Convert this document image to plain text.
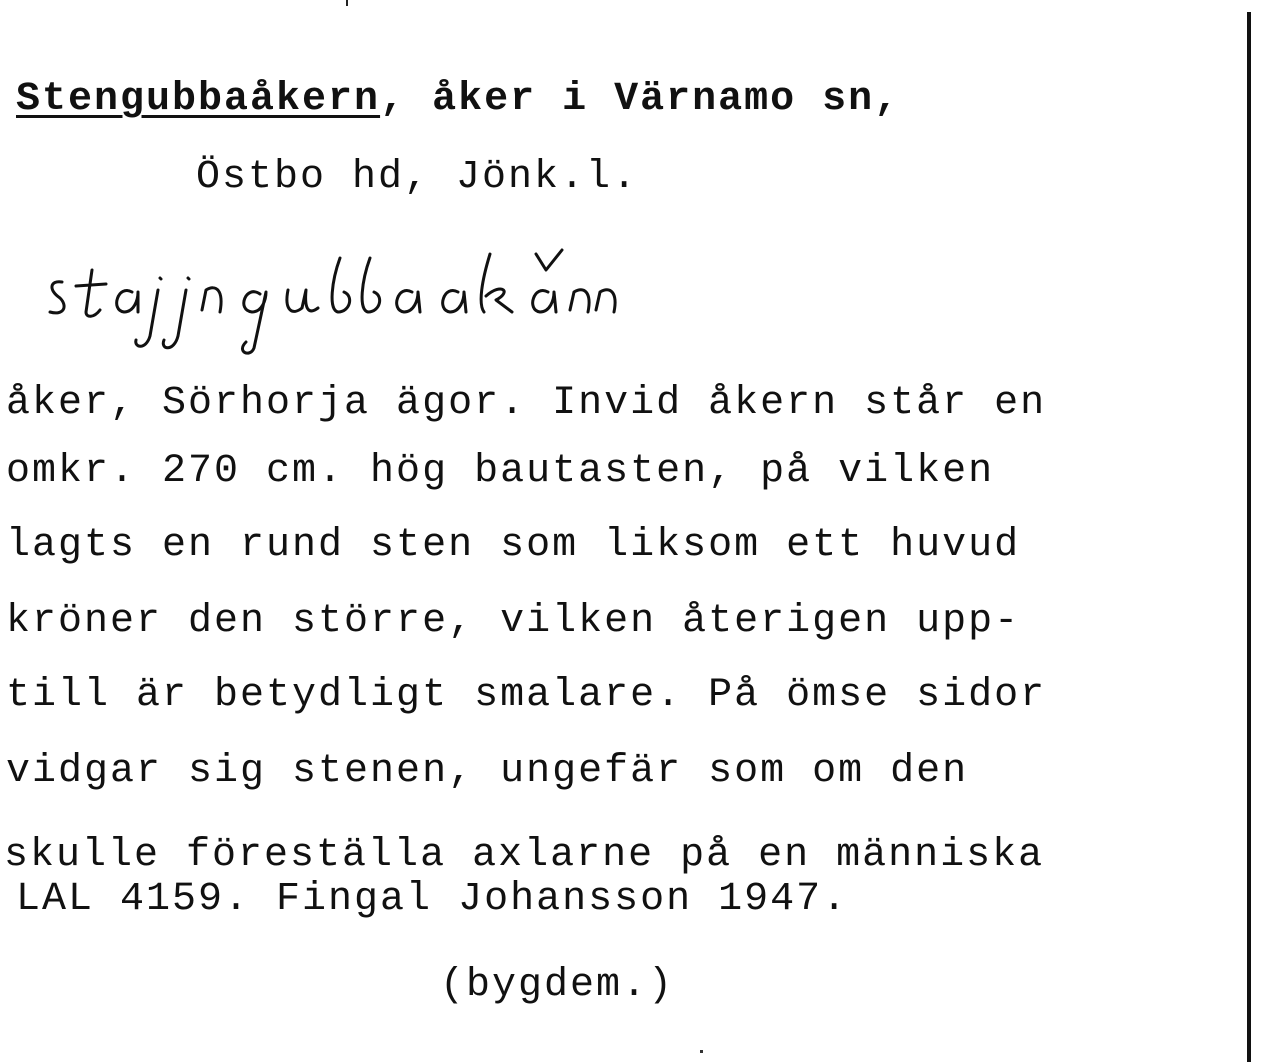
Stengubbaåkern, åker i Värnamo sn,
Östbo hd, Jönk.l.
åker, Sörhorja ägor. Invid åkern står en
omkr. 270 cm. hög bautasten, på vilken
lagts en rund sten som liksom ett huvud
kröner den större, vilken återigen upp-
till är betydligt smalare. På ömse sidor
vidgar sig stenen, ungefär som om den
skulle föreställa axlarne på en människa
LAL 4159. Fingal Johansson 1947.
(bygdem.)
